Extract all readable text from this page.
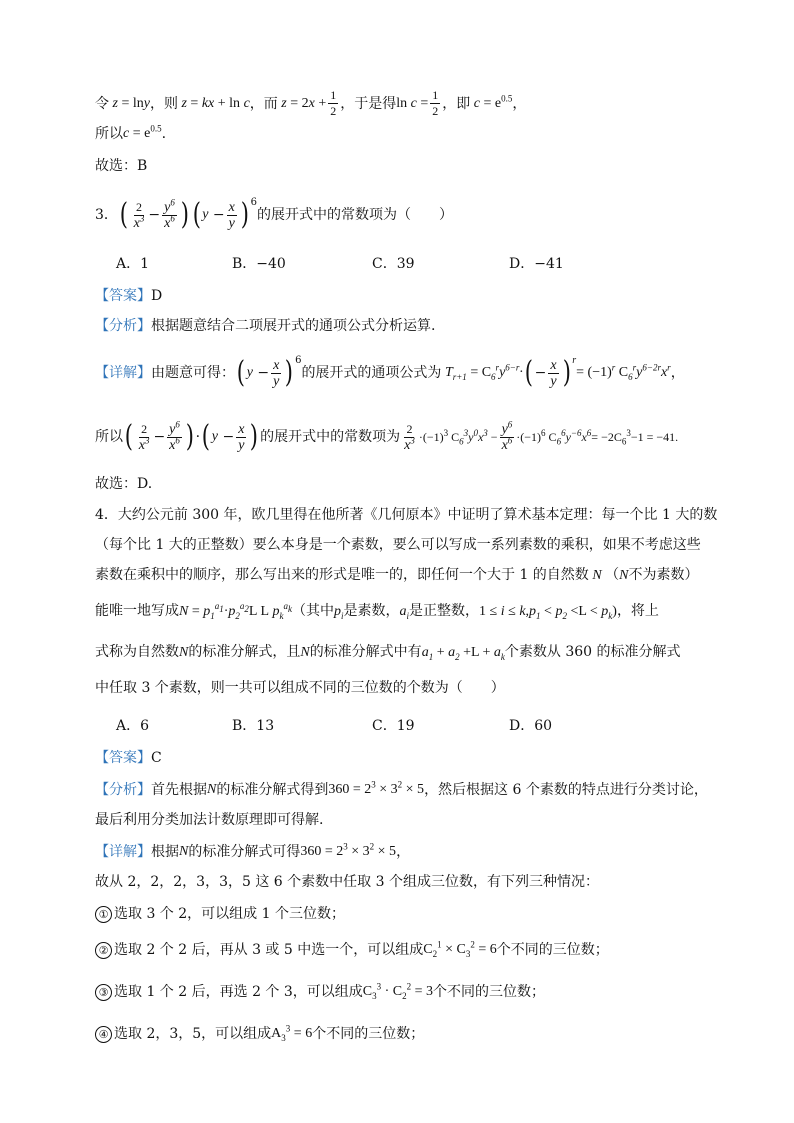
令 z = lny ，则 z = kx + ln c ，而 $z = 2x + \frac{1}{2}$ ，于是得 $\ln c = \frac{1}{2}$ ，即 $c = e^{0.5}$ ，
所以 $c = e^{0.5}$ .
故选：B
3． ( $\frac{2}{x^3} - \frac{y^6}{x^6}$ ) ( $y - \frac{x}{y} )^6$
的展开式中的常数项为（　　）
A．1	B．−40	C．39	D．−41
【答案】 D
【分析】 根据题意结合二项展开式的通项公式分析运算.
【详解】 由题意可得： ( $y - \frac{x}{y} )^6$
的展开式的通项公式为 $T_{r+1} = C_6^ry^{6-r}\cdot$ ( − $\frac{x}{y} )^r$
= $(-1)^r$ $C_6^ry^{6-2r}x^r$ ，
所以 ( $\frac{2}{x^3} - \frac{y^6}{x^6}$ ) · ( $y - \frac{x}{y}$ ) 的展开式中的常数项为 $\frac{2}{x^3} \cdot(-1)^3$ $C_6^3y^0x^3 - \frac{y^6}{x^6} \cdot(-1)^6$ $C_6^6y^{-6}x^6 = -2C_6^3-1 = -41$.
故选：D.
4．大约公元前 300 年，欧几里得在他所著《几何原本》中证明了算术基本定理：每一个比 1 大的数
（每个比 1 大的正整数）要么本身是一个素数，要么可以写成一系列素数的乘积，如果不考虑这些
素数在乘积中的顺序，那么写出来的形式是唯一的，即任何一个大于 1 的自然数 N （N不为素数）
能唯一地写成$N = p_1^{a_1}\cdot p_2^{a_2}L$ L $p_k^{a_k}$（其中$p_i$是素数，$a_i$是正整数，$1 \le i \le k,p_1 < p_2 <L < p_k$)，将上
式称为自然数N的标准分解式，且N的标准分解式中有$a_1 + a_2 +L + a_k$个素数从 360 的标准分解式
中任取 3 个素数，则一共可以组成不同的三位数的个数为（　　）
A．6	B．13	C．19	D．60
【答案】 C
【分析】 首先根据 N 的标准分解式得到 $360 = 2^3 \times 3^2 \times 5$ ，然后根据这 6 个素数的特点进行分类讨论，
最后利用分类加法计数原理即可得解.
【详解】 根据 N 的标准分解式可得 $360 = 2^3 \times 3^2 \times 5$ ，
故从 2，2，2，3，3，5 这 6 个素数中任取 3 个组成三位数，有下列三种情况：
① 选取 3 个 2，可以组成 1 个三位数；
② 选取 2 个 2 后，再从 3 或 5 中选一个，可以组成 $C_2^1 \times C_3^2 = 6$ 个不同的三位数；
③ 选取 1 个 2 后，再选 2 个 3，可以组成 $C_3^3 \cdot C_2^2 = 3$ 个不同的三位数；
④ 选取 2，3，5，可以组成 $A_3^3 = 6$ 个不同的三位数；
